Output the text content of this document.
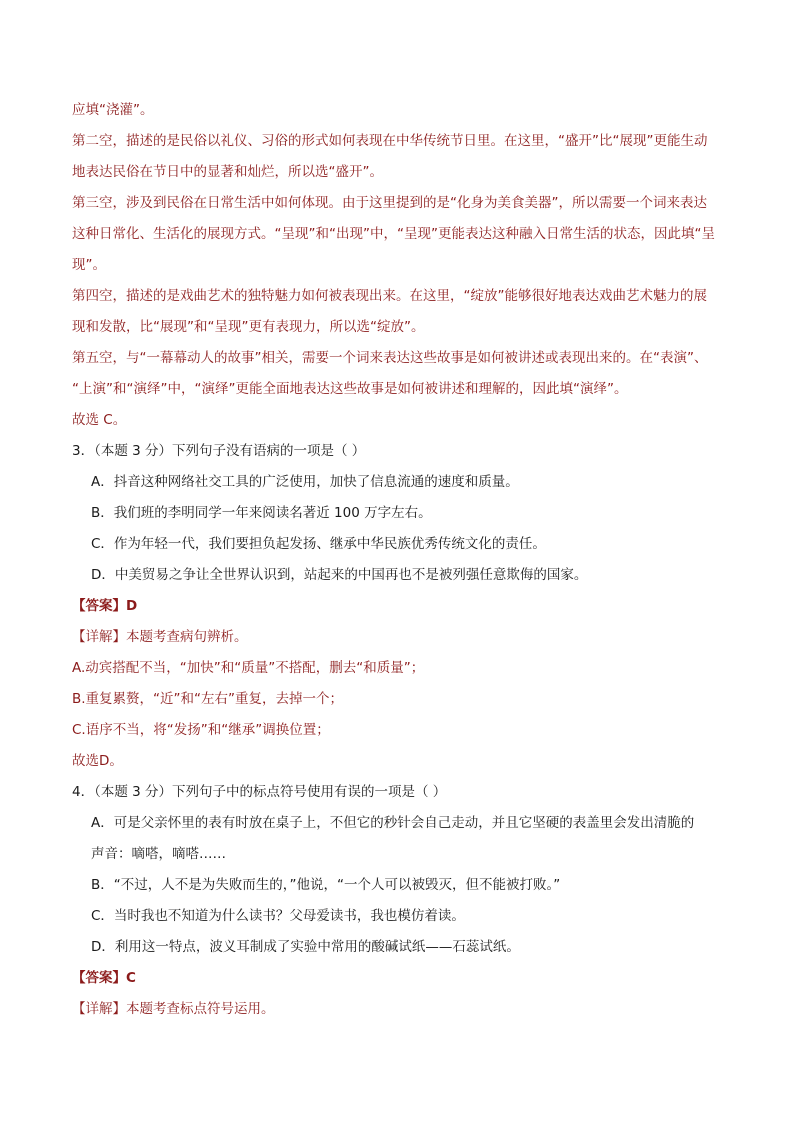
应填“浇灌”。
第二空，描述的是民俗以礼仪、习俗的形式如何表现在中华传统节日里。在这里，“盛开”比“展现”更能生动
地表达民俗在节日中的显著和灿烂，所以选“盛开”。
第三空，涉及到民俗在日常生活中如何体现。由于这里提到的是“化身为美食美器”，所以需要一个词来表达
这种日常化、生活化的展现方式。“呈现”和“出现”中，“呈现”更能表达这种融入日常生活的状态，因此填“呈
现”。
第四空，描述的是戏曲艺术的独特魅力如何被表现出来。在这里，“绽放”能够很好地表达戏曲艺术魅力的展
现和发散，比“展现”和“呈现”更有表现力，所以选“绽放”。
第五空，与“一幕幕动人的故事”相关，需要一个词来表达这些故事是如何被讲述或表现出来的。在“表演”、
“上演”和“演绎”中，“演绎”更能全面地表达这些故事是如何被讲述和理解的，因此填“演绎”。
故选 C。
3．（本题 3 分）下列句子没有语病的一项是（ ）
A．抖音这种网络社交工具的广泛使用，加快了信息流通的速度和质量。
B．我们班的李明同学一年来阅读名著近 100 万字左右。
C．作为年轻一代，我们要担负起发扬、继承中华民族优秀传统文化的责任。
D．中美贸易之争让全世界认识到，站起来的中国再也不是被列强任意欺侮的国家。
【答案】D
【详解】本题考查病句辨析。
A.动宾搭配不当，“加快”和“质量”不搭配，删去“和质量”；
B.重复累赘，“近”和“左右”重复，去掉一个；
C.语序不当，将“发扬”和“继承”调换位置；
故选D。
4．（本题 3 分）下列句子中的标点符号使用有误的一项是（ ）
A．可是父亲怀里的表有时放在桌子上，不但它的秒针会自己走动，并且它坚硬的表盖里会发出清脆的
声音：嘀嗒，嘀嗒……
B．“不过，人不是为失败而生的，”他说，“一个人可以被毁灭，但不能被打败。”
C．当时我也不知道为什么读书？父母爱读书，我也模仿着读。
D．利用这一特点，波义耳制成了实验中常用的酸碱试纸——石蕊试纸。
【答案】C
【详解】本题考查标点符号运用。
